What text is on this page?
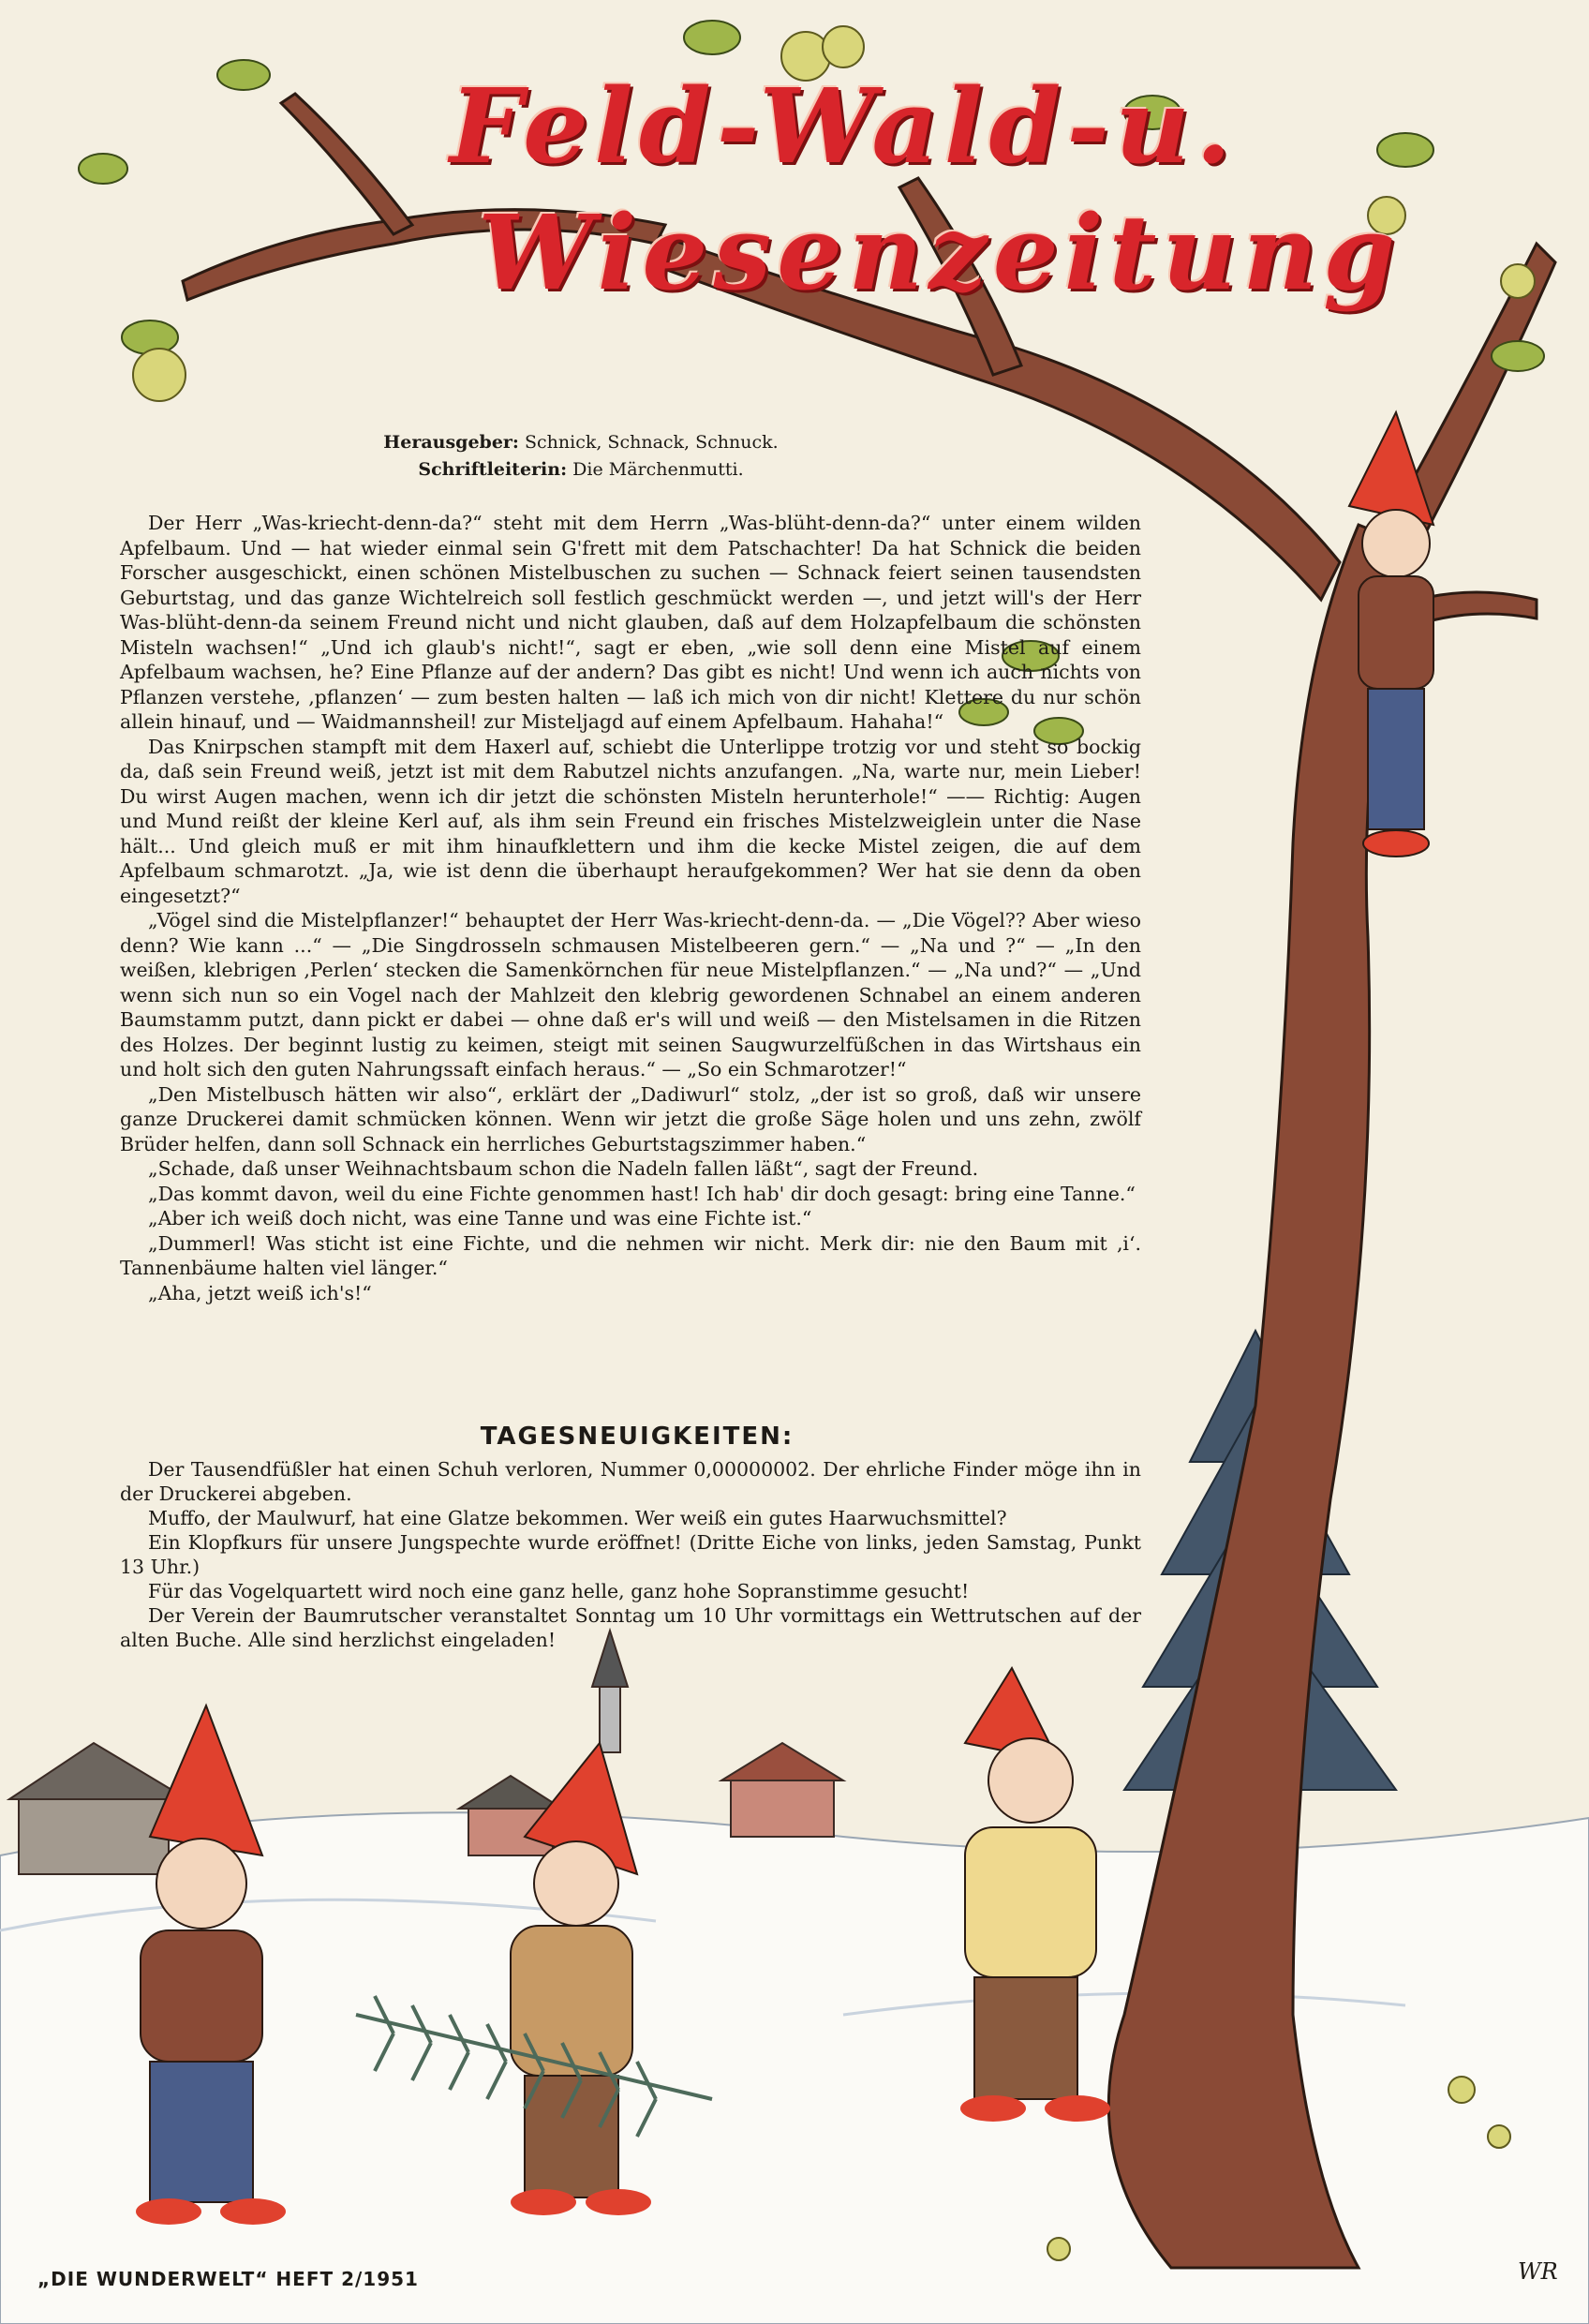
Feld-Wald-u.
Wiesenzeitung
Herausgeber: Schnick, Schnack, Schnuck.
Schriftleiterin: Die Märchenmutti.

Der Herr „Was-kriecht-denn-da?“ steht mit dem Herrn „Was-blüht-denn-da?“ unter einem wilden Apfelbaum. Und — hat wieder einmal sein G'frett mit dem Patschachter! Da hat Schnick die beiden Forscher ausgeschickt, einen schönen Mistelbuschen zu suchen — Schnack feiert seinen tausendsten Geburtstag, und das ganze Wichtelreich soll festlich geschmückt werden —, und jetzt will's der Herr Was-blüht-denn-da seinem Freund nicht und nicht glauben, daß auf dem Holzapfelbaum die schönsten Misteln wachsen!“ „Und ich glaub's nicht!“, sagt er eben, „wie soll denn eine Mistel auf einem Apfelbaum wachsen, he? Eine Pflanze auf der andern? Das gibt es nicht! Und wenn ich auch nichts von Pflanzen verstehe, ‚pflanzen‘ — zum besten halten — laß ich mich von dir nicht! Klettere du nur schön allein hinauf, und — Waidmannsheil! zur Misteljagd auf einem Apfelbaum. Hahaha!“

Das Knirpschen stampft mit dem Haxerl auf, schiebt die Unterlippe trotzig vor und steht so bockig da, daß sein Freund weiß, jetzt ist mit dem Rabutzel nichts anzufangen. „Na, warte nur, mein Lieber! Du wirst Augen machen, wenn ich dir jetzt die schönsten Misteln herunterhole!“ —— Richtig: Augen und Mund reißt der kleine Kerl auf, als ihm sein Freund ein frisches Mistelzweiglein unter die Nase hält... Und gleich muß er mit ihm hinaufklettern und ihm die kecke Mistel zeigen, die auf dem Apfelbaum schmarotzt. „Ja, wie ist denn die überhaupt heraufgekommen? Wer hat sie denn da oben eingesetzt?“

„Vögel sind die Mistelpflanzer!“ behauptet der Herr Was-kriecht-denn-da. — „Die Vögel?? Aber wieso denn? Wie kann ...“ — „Die Singdrosseln schmausen Mistelbeeren gern.“ — „Na und ?“ — „In den weißen, klebrigen ‚Perlen‘ stecken die Samenkörnchen für neue Mistelpflanzen.“ — „Na und?“ — „Und wenn sich nun so ein Vogel nach der Mahlzeit den klebrig gewordenen Schnabel an einem anderen Baumstamm putzt, dann pickt er dabei — ohne daß er's will und weiß — den Mistelsamen in die Ritzen des Holzes. Der beginnt lustig zu keimen, steigt mit seinen Saugwurzelfüßchen in das Wirtshaus ein und holt sich den guten Nahrungssaft einfach heraus.“ — „So ein Schmarotzer!“

„Den Mistelbusch hätten wir also“, erklärt der „Dadiwurl“ stolz, „der ist so groß, daß wir unsere ganze Druckerei damit schmücken können. Wenn wir jetzt die große Säge holen und uns zehn, zwölf Brüder helfen, dann soll Schnack ein herrliches Geburtstagszimmer haben.“

„Schade, daß unser Weihnachtsbaum schon die Nadeln fallen läßt“, sagt der Freund.

„Das kommt davon, weil du eine Fichte genommen hast! Ich hab' dir doch gesagt: bring eine Tanne.“

„Aber ich weiß doch nicht, was eine Tanne und was eine Fichte ist.“

„Dummerl! Was sticht ist eine Fichte, und die nehmen wir nicht. Merk dir: nie den Baum mit ‚i‘. Tannenbäume halten viel länger.“

„Aha, jetzt weiß ich's!“

TAGESNEUIGKEITEN:

Der Tausendfüßler hat einen Schuh verloren, Nummer 0,00000002. Der ehrliche Finder möge ihn in der Druckerei abgeben.

Muffo, der Maulwurf, hat eine Glatze bekommen. Wer weiß ein gutes Haarwuchsmittel?

Ein Klopfkurs für unsere Jungspechte wurde eröffnet! (Dritte Eiche von links, jeden Samstag, Punkt 13 Uhr.)

Für das Vogelquartett wird noch eine ganz helle, ganz hohe Sopranstimme gesucht!

Der Verein der Baumrutscher veranstaltet Sonntag um 10 Uhr vormittags ein Wettrutschen auf der alten Buche. Alle sind herzlichst eingeladen!

„DIE WUNDERWELT“ HEFT 2/1951	WR
